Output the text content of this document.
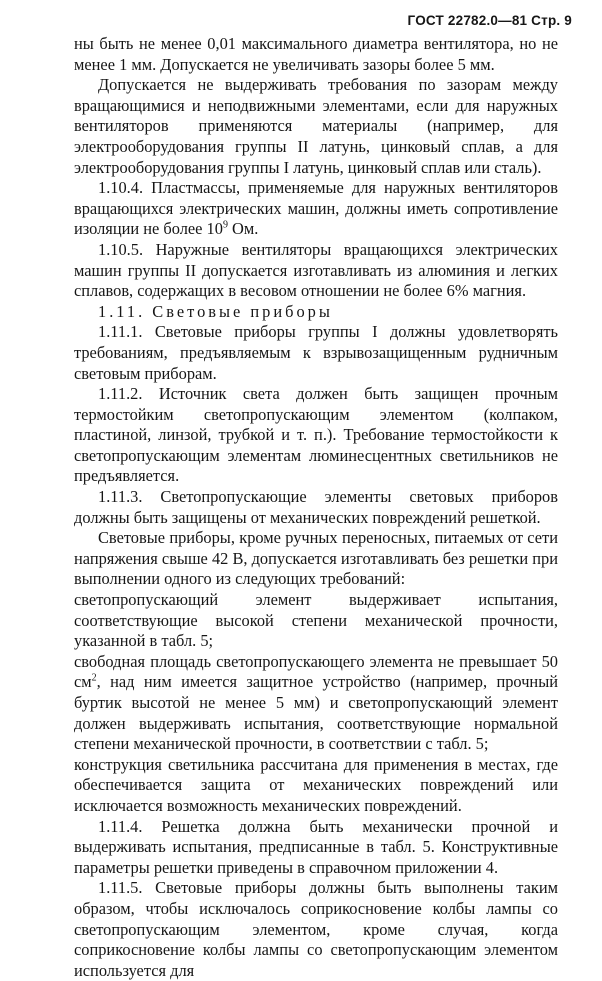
ГОСТ 22782.0—81 Стр. 9

ны быть не менее 0,01 максимального диаметра вентилятора, но не менее 1 мм. Допускается не увеличивать зазоры более 5 мм.

Допускается не выдерживать требования по зазорам между вращающимися и неподвижными элементами, если для наружных вентиляторов применяются материалы (например, для электрооборудования группы II латунь, цинковый сплав, а для электрооборудования группы I латунь, цинковый сплав или сталь).

1.10.4. Пластмассы, применяемые для наружных вентиляторов вращающихся электрических машин, должны иметь сопротивление изоляции не более $10^9$ Ом.

1.10.5. Наружные вентиляторы вращающихся электрических машин группы II допускается изготавливать из алюминия и легких сплавов, содержащих в весовом отношении не более 6% магния.

1.11. Световые приборы

1.11.1. Световые приборы группы I должны удовлетворять требованиям, предъявляемым к взрывозащищенным рудничным световым приборам.

1.11.2. Источник света должен быть защищен прочным термостойким светопропускающим элементом (колпаком, пластиной, линзой, трубкой и т. п.). Требование термостойкости к светопропускающим элементам люминесцентных светильников не предъявляется.

1.11.3. Светопропускающие элементы световых приборов должны быть защищены от механических повреждений решеткой.

Световые приборы, кроме ручных переносных, питаемых от сети напряжения свыше 42 В, допускается изготавливать без решетки при выполнении одного из следующих требований:

светопропускающий элемент выдерживает испытания, соответствующие высокой степени механической прочности, указанной в табл. 5;

свободная площадь светопропускающего элемента не превышает 50 $см^2$, над ним имеется защитное устройство (например, прочный буртик высотой не менее 5 мм) и светопропускающий элемент должен выдерживать испытания, соответствующие нормальной степени механической прочности, в соответствии с табл. 5;

конструкция светильника рассчитана для применения в местах, где обеспечивается защита от механических повреждений или исключается возможность механических повреждений.

1.11.4. Решетка должна быть механически прочной и выдерживать испытания, предписанные в табл. 5. Конструктивные параметры решетки приведены в справочном приложении 4.

1.11.5. Световые приборы должны быть выполнены таким образом, чтобы исключалось соприкосновение колбы лампы со светопропускающим элементом, кроме случая, когда соприкосновение колбы лампы со светопропускающим элементом используется для
